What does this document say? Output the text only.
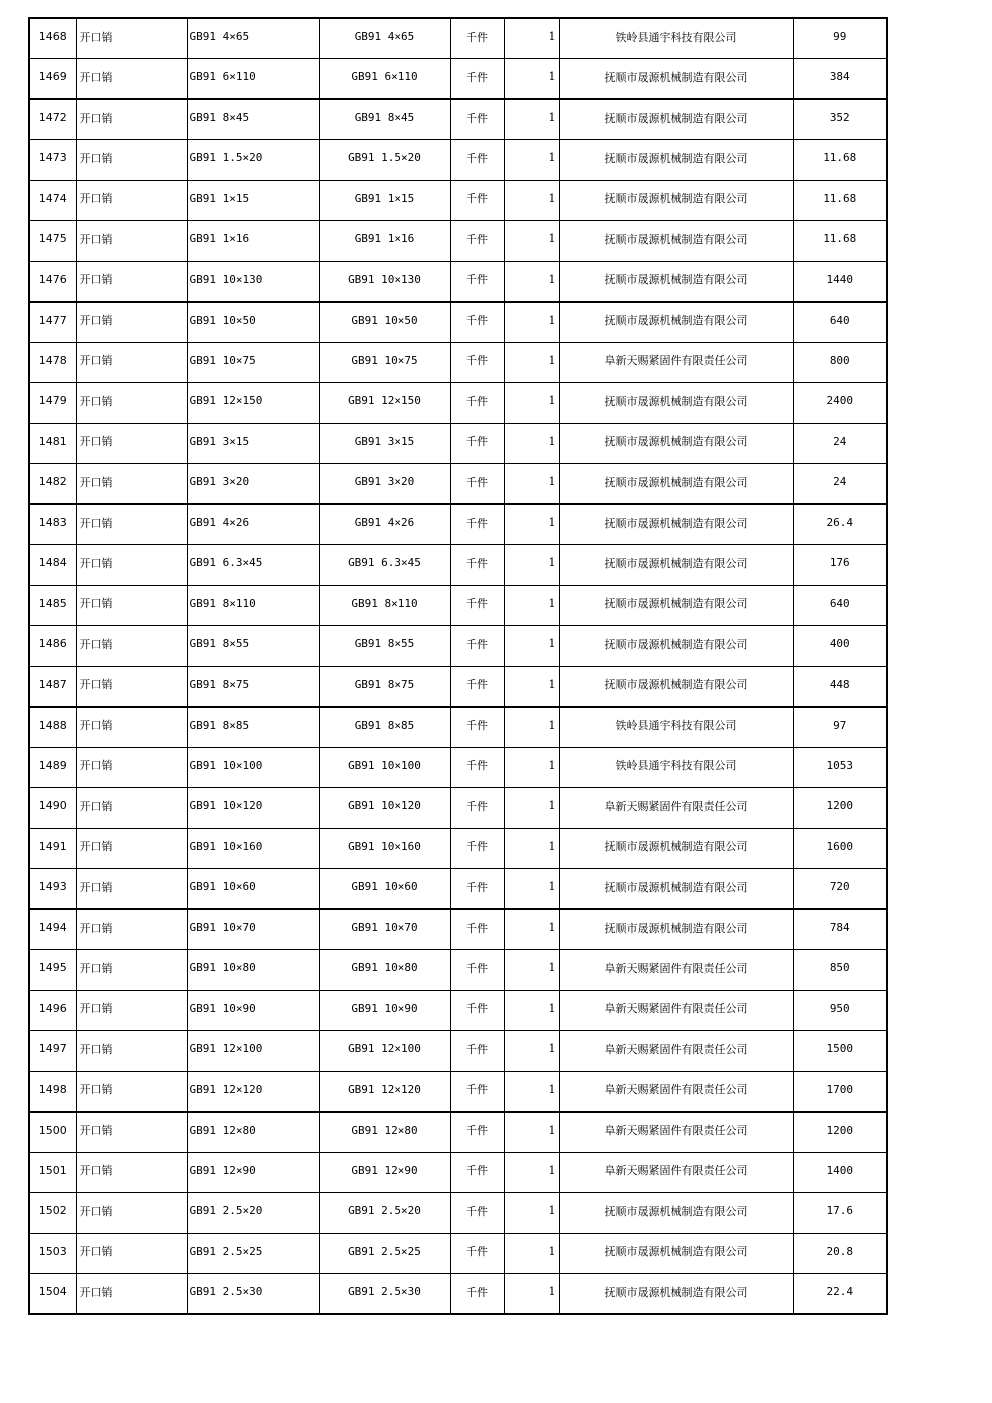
1468	开口销	GB91 4×65	GB91 4×65	千件	1	铁岭县通宇科技有限公司	99
1469	开口销	GB91 6×110	GB91 6×110	千件	1	抚顺市晟源机械制造有限公司	384
1472	开口销	GB91 8×45	GB91 8×45	千件	1	抚顺市晟源机械制造有限公司	352
1473	开口销	GB91 1.5×20	GB91 1.5×20	千件	1	抚顺市晟源机械制造有限公司	11.68
1474	开口销	GB91 1×15	GB91 1×15	千件	1	抚顺市晟源机械制造有限公司	11.68
1475	开口销	GB91 1×16	GB91 1×16	千件	1	抚顺市晟源机械制造有限公司	11.68
1476	开口销	GB91 10×130	GB91 10×130	千件	1	抚顺市晟源机械制造有限公司	1440
1477	开口销	GB91 10×50	GB91 10×50	千件	1	抚顺市晟源机械制造有限公司	640
1478	开口销	GB91 10×75	GB91 10×75	千件	1	阜新天赐紧固件有限责任公司	800
1479	开口销	GB91 12×150	GB91 12×150	千件	1	抚顺市晟源机械制造有限公司	2400
1481	开口销	GB91 3×15	GB91 3×15	千件	1	抚顺市晟源机械制造有限公司	24
1482	开口销	GB91 3×20	GB91 3×20	千件	1	抚顺市晟源机械制造有限公司	24
1483	开口销	GB91 4×26	GB91 4×26	千件	1	抚顺市晟源机械制造有限公司	26.4
1484	开口销	GB91 6.3×45	GB91 6.3×45	千件	1	抚顺市晟源机械制造有限公司	176
1485	开口销	GB91 8×110	GB91 8×110	千件	1	抚顺市晟源机械制造有限公司	640
1486	开口销	GB91 8×55	GB91 8×55	千件	1	抚顺市晟源机械制造有限公司	400
1487	开口销	GB91 8×75	GB91 8×75	千件	1	抚顺市晟源机械制造有限公司	448
1488	开口销	GB91 8×85	GB91 8×85	千件	1	铁岭县通宇科技有限公司	97
1489	开口销	GB91 10×100	GB91 10×100	千件	1	铁岭县通宇科技有限公司	1053
1490	开口销	GB91 10×120	GB91 10×120	千件	1	阜新天赐紧固件有限责任公司	1200
1491	开口销	GB91 10×160	GB91 10×160	千件	1	抚顺市晟源机械制造有限公司	1600
1493	开口销	GB91 10×60	GB91 10×60	千件	1	抚顺市晟源机械制造有限公司	720
1494	开口销	GB91 10×70	GB91 10×70	千件	1	抚顺市晟源机械制造有限公司	784
1495	开口销	GB91 10×80	GB91 10×80	千件	1	阜新天赐紧固件有限责任公司	850
1496	开口销	GB91 10×90	GB91 10×90	千件	1	阜新天赐紧固件有限责任公司	950
1497	开口销	GB91 12×100	GB91 12×100	千件	1	阜新天赐紧固件有限责任公司	1500
1498	开口销	GB91 12×120	GB91 12×120	千件	1	阜新天赐紧固件有限责任公司	1700
1500	开口销	GB91 12×80	GB91 12×80	千件	1	阜新天赐紧固件有限责任公司	1200
1501	开口销	GB91 12×90	GB91 12×90	千件	1	阜新天赐紧固件有限责任公司	1400
1502	开口销	GB91 2.5×20	GB91 2.5×20	千件	1	抚顺市晟源机械制造有限公司	17.6
1503	开口销	GB91 2.5×25	GB91 2.5×25	千件	1	抚顺市晟源机械制造有限公司	20.8
1504	开口销	GB91 2.5×30	GB91 2.5×30	千件	1	抚顺市晟源机械制造有限公司	22.4
